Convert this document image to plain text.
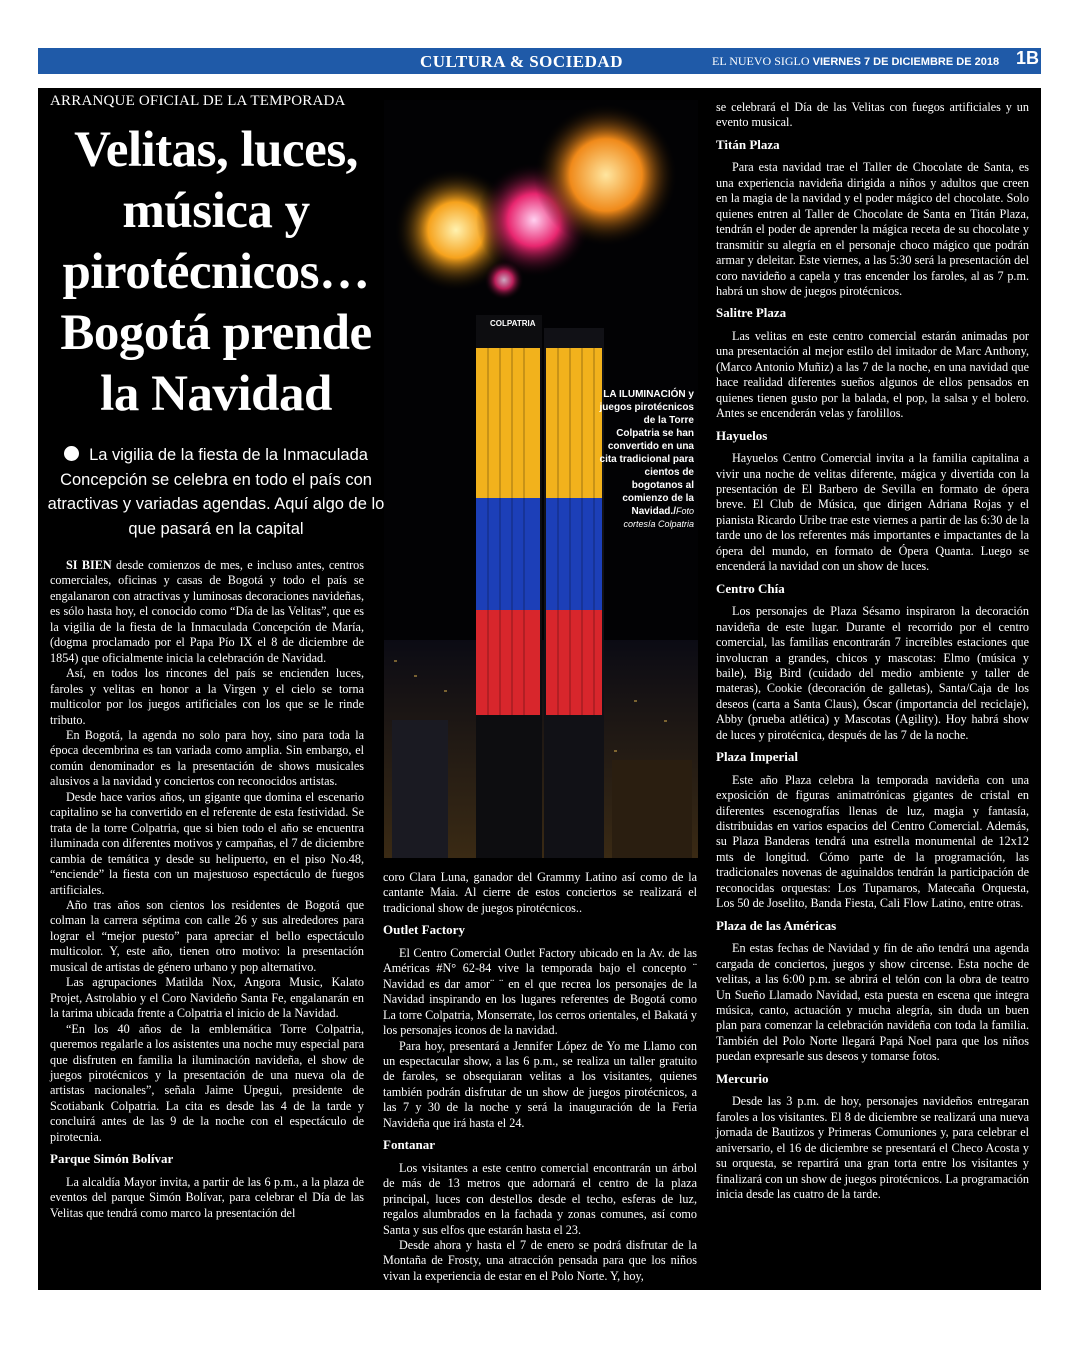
CULTURA & SOCIEDAD	EL NUEVO SIGLO VIERNES 7 DE DICIEMBRE DE 2018 1B
ARRANQUE OFICIAL DE LA TEMPORADA
Velitas, luces, música y pirotécnicos… Bogotá prende la Navidad
La vigilia de la fiesta de la Inmaculada Concepción se celebra en todo el país con atractivas y variadas agendas. Aquí algo de lo que pasará en la capital

SI BIEN desde comienzos de mes, e incluso antes, centros comerciales, oficinas y casas de Bogotá y todo el país se engalanaron con atractivas y luminosas decoraciones navideñas, es sólo hasta hoy, el conocido como “Día de las Velitas”, que es la vigilia de la fiesta de la Inmaculada Concepción de María, (dogma proclamado por el Papa Pío IX el 8 de diciembre de 1854) que oficialmente inicia la celebración de Navidad.

Así, en todos los rincones del país se encienden luces, faroles y velitas en honor a la Virgen y el cielo se torna multicolor por los juegos artificiales con los que se le rinde tributo.

En Bogotá, la agenda no solo para hoy, sino para toda la época decembrina es tan variada como amplia. Sin embargo, el común denominador es la presentación de shows musicales alusivos a la navidad y conciertos con reconocidos artistas.

Desde hace varios años, un gigante que domina el escenario capitalino se ha convertido en el referente de esta festividad. Se trata de la torre Colpatria, que si bien todo el año se encuentra iluminada con diferentes motivos y campañas, el 7 de diciembre cambia de temática y desde su helipuerto, en el piso No.48, “enciende” la fiesta con un majestuoso espectáculo de fuegos artificiales.

Año tras años son cientos los residentes de Bogotá que colman la carrera séptima con calle 26 y sus alrededores para lograr el “mejor puesto” para apreciar el bello espectáculo multicolor. Y, este año, tienen otro motivo: la presentación musical de artistas de género urbano y pop alternativo.

Las agrupaciones Matilda Nox, Angora Music, Kalato Projet, Astrolabio y el Coro Navideño Santa Fe, engalanarán en la tarima ubicada frente a Colpatria el inicio de la Navidad.

“En los 40 años de la emblemática Torre Colpatria, queremos regalarle a los asistentes una noche muy especial para que disfruten en familia la iluminación navideña, el show de juegos pirotécnicos y la presentación de una nueva ola de artistas nacionales”, señala Jaime Upegui, presidente de Scotiabank Colpatria. La cita es desde las 4 de la tarde y concluirá antes de las 9 de la noche con el espectáculo de pirotecnia.

Parque Simón Bolívar

La alcaldía Mayor invita, a partir de las 6 p.m., a la plaza de eventos del parque Simón Bolívar, para celebrar el Día de las Velitas que tendrá como marco la presentación del

COLPATRIA
LA ILUMINACIÓN y juegos pirotécnicos de la Torre Colpatria se han convertido en una cita tradicional para cientos de bogotanos al comienzo de la Navidad./Foto cortesía Colpatria

coro Clara Luna, ganador del Grammy Latino así como de la cantante Maia. Al cierre de estos conciertos se realizará el tradicional show de juegos pirotécnicos..

Outlet Factory

El Centro Comercial Outlet Factory ubicado en la Av. de las Américas #N° 62-84 vive la temporada bajo el concepto ¨ Navidad es dar amor¨ ¨ en el que recrea los personajes de la Navidad inspirando en los lugares referentes de Bogotá como La torre Colpatria, Monserrate, los cerros orientales, el Bakatá y los personajes iconos de la navidad.

Para hoy, presentará a Jennifer López de Yo me Llamo con un espectacular show, a las 6 p.m., se realiza un taller gratuito de faroles, se obsequiaran velitas a los visitantes, quienes también podrán disfrutar de un show de juegos pirotécnicos, a las 7 y 30 de la noche y será la inauguración de la Feria Navideña que irá hasta el 24.

Fontanar

Los visitantes a este centro comercial encontrarán un árbol de más de 13 metros que adornará el centro de la plaza principal, luces con destellos desde el techo, esferas de luz, regalos alumbrados en la fachada y zonas comunes, así como Santa y sus elfos que estarán hasta el 23.

Desde ahora y hasta el 7 de enero se podrá disfrutar de la Montaña de Frosty, una atracción pensada para que los niños vivan la experiencia de estar en el Polo Norte. Y, hoy,

se celebrará el Día de las Velitas con fuegos artificiales y un evento musical.

Titán Plaza

Para esta navidad trae el Taller de Chocolate de Santa, es una experiencia navideña dirigida a niños y adultos que creen en la magia de la navidad y el poder mágico del chocolate. Solo quienes entren al Taller de Chocolate de Santa en Titán Plaza, tendrán el poder de aprender la mágica receta de su chocolate y transmitir su alegría en el personaje choco mágico que podrán armar y deleitar. Este viernes, a las 5:30 será la presentación del coro navideño a capela y tras encender los faroles, al as 7 p.m. habrá un show de juegos pirotécnicos.

Salitre Plaza

Las velitas en este centro comercial estarán animadas por una presentación al mejor estilo del imitador de Marc Anthony, (Marco Antonio Muñiz) a las 7 de la noche, en una navidad que hace realidad diferentes sueños algunos de ellos pensados en quienes tienen gusto por la balada, el pop, la salsa y el bolero. Antes se encenderán velas y farolillos.

Hayuelos

Hayuelos Centro Comercial invita a la familia capitalina a vivir una noche de velitas diferente, mágica y divertida con la presentación de El Barbero de Sevilla en formato de ópera breve. El Club de Música, que dirigen Adriana Rojas y el pianista Ricardo Uribe trae este viernes a partir de las 6:30 de la tarde uno de los referentes más importantes e impactantes de la ópera del mundo, en formato de Ópera Quanta. Luego se encenderá la navidad con un show de luces.

Centro Chía

Los personajes de Plaza Sésamo inspiraron la decoración navideña de este lugar. Durante el recorrido por el centro comercial, las familias encontrarán 7 increíbles estaciones que involucran a grandes, chicos y mascotas: Elmo (música y baile), Big Bird (cuidado del medio ambiente y taller de materas), Cookie (decoración de galletas), Santa/Caja de los deseos (carta a Santa Claus), Óscar (importancia del reciclaje), Abby (prueba atlética) y Mascotas (Agility). Hoy habrá show de luces y pirotécnica, después de las 7 de la noche.

Plaza Imperial

Este año Plaza celebra la temporada navideña con una exposición de figuras animatrónicas gigantes de cristal en diferentes escenografías llenas de luz, magia y fantasía, distribuidas en varios espacios del Centro Comercial. Además, su Plaza Banderas tendrá una estrella monumental de 12x12 mts de longitud. Cómo parte de la programación, las tradicionales novenas de aguinaldos tendrán la participación de reconocidas orquestas: Los Tupamaros, Matecaña Orquesta, Los 50 de Joselito, Banda Fiesta, Cali Flow Latino, entre otras.

Plaza de las Américas

En estas fechas de Navidad y fin de año tendrá una agenda cargada de conciertos, juegos y show circense. Esta noche de velitas, a las 6:00 p.m. se abrirá el telón con la obra de teatro Un Sueño Llamado Navidad, esta puesta en escena que integra música, canto, actuación y mucha alegría, sin duda un buen plan para comenzar la celebración navideña con toda la familia. También del Polo Norte llegará Papá Noel para que los niños puedan expresarle sus deseos y tomarse fotos.

Mercurio

Desde las 3 p.m. de hoy, personajes navideños entregaran faroles a los visitantes. El 8 de diciembre se realizará una nueva jornada de Bautizos y Primeras Comuniones y, para celebrar el aniversario, el 16 de diciembre se presentará el Checo Acosta y su orquesta, se repartirá una gran torta entre los visitantes y finalizará con un show de juegos pirotécnicos. La programación inicia desde las cuatro de la tarde.
